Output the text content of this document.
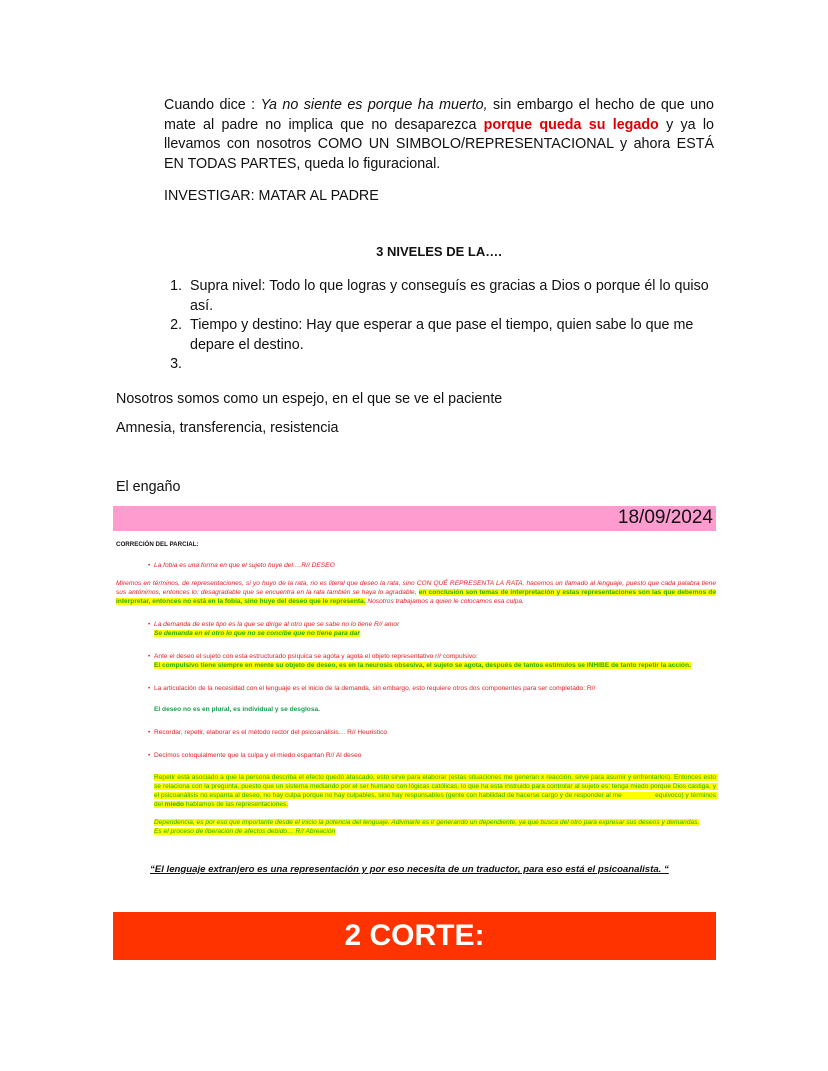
Cuando dice : Ya no siente es porque ha muerto, sin embargo el hecho de que uno mate al padre no implica que no desaparezca porque queda su legado y ya lo llevamos con nosotros COMO UN SIMBOLO/REPRESENTACIONAL y ahora ESTÁ EN TODAS PARTES, queda lo figuracional.
INVESTIGAR: MATAR AL PADRE
3 NIVELES DE LA….
1. Supra nivel: Todo lo que logras y conseguís es gracias a Dios o porque él lo quiso así.
2. Tiempo y destino: Hay que esperar a que pase el tiempo, quien sabe lo que me depare el destino.
3.
Nosotros somos como un espejo, en el que se ve el paciente
Amnesia, transferencia, resistencia
El engaño
18/09/2024
CORRECIÓN DEL PARCIAL:
• La fobia es una forma en que el sujeto huye del….R// DESEO
Miremos en términos, de representaciones, si yo huyo de la rata, no es literal que deseo la rata, sino CON QUÉ REPRESENTA LA RATA, hacemos un llamado al lenguaje, puesto que cada palabra tiene sus antónimos, entonces lo: desagradable que se encuentra en la rata también se haya lo agradable, en conclusión son temas de interpretación y estas representaciones son las que debemos de interpretar, entonces no está en la fobia, sino huye del deseo que le representa. Nosotros trabajamos a quien le colocamos esa culpa.
• La demanda de este tipo es la que se dirige al otro que se sabe no lo tiene R// amor
Se demanda en el otro lo que no se concibe que no tiene para dar
• Ante el deseo el sujeto con esta estructurado psíquica se agota y agota el objeto representativo r// compulsivo:
El compulsivo tiene siempre en mente su objeto de deseo, es en la neurosis obsesiva, el sujeto se agota, después de tantos estímulos se INHIBE de tanto repetir la acción.
• La articulación de la necesidad con el lenguaje es el inicio de la demanda, sin embargo, esto requiere otros dos componentes para ser completado: R//
El deseo no es en plural, es individual y se desglosa.
• Recordar, repetir, elaborar es el método rector del psicoanálisis… R// Heurístico
• Decimos coloquialmente que la culpa y el miedo espantan R// Al deseo
Repetir está asociado a que la persona describa el efecto quedó atascado, esto sirve para elaborar (estas situaciones me generan x reacción, sirve para asumir y enfrentarlos). Entonces esto se relaciona con la pregunta, puesto que un sistema mediando por el ser humano con lógicas católicas, lo que ha esta instruido para controlar al sujeto es: tenga miedo porque Dios castiga, y el psicoanálisis no espanta al deseo, no hay culpa porque no hay culpables, sino hay responsables (gente con habilidad de hacerse cargo y de responder al me                  equivoco) y términos del miedo hablamos de las representaciones.
Dependencia, es por eso que importante desde el inicio la potencia del lenguaje. Adivinarle es ir generando un dependiente, ya que busca del otro para expresar sus deseos y demandas.
Es el proceso de liberación de afectos debido… R// Abreación
“El lenguaje extranjero es una representación y por eso necesita de un traductor, para eso está el psicoanalista. “
2 CORTE:
